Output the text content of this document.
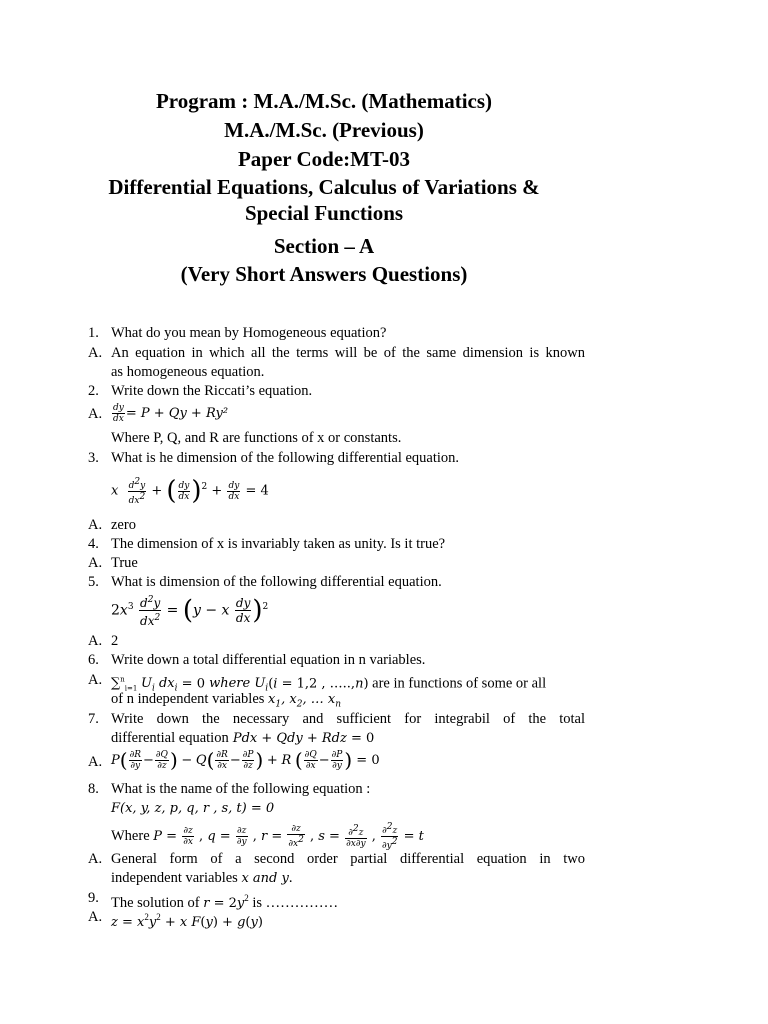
Program : M.A./M.Sc. (Mathematics)
M.A./M.Sc. (Previous)
Paper Code:MT-03
Differential Equations, Calculus of Variations &
Special Functions
Section – A
(Very Short Answers Questions)
1. What do you mean by Homogeneous equation?
A. An equation in which all the terms will be of the same dimension is known
as homogeneous equation.
2. Write down the Riccati’s equation.
A.	$\frac{dy}{dx} = P + Qy + Ry^2$
Where P, Q, and R are functions of x or constants.
3. What is he dimension of the following differential equation.
x $\frac{d^2y}{dx^2}$ + ( $\frac{dy}{dx} )^2 + \frac{dy}{dx} = 4$
A. zero
4. The dimension of x is invariably taken as unity. Is it true?
A. True
5. What is dimension of the following differential equation.
$2x^3 \frac{d^2y}{dx^2} = (y - x \frac{dy}{dx} )^2$
A. 2
6. Write down a total differential equation in n variables.
A. ∑$^n_{i=1}$ $U_i$ $dx_i = 0$ where $U_i(i = 1,2$ , …..,n) are in functions of some or all
of n independent variables $x_1$, $x_2$, … $x_n$
7. Write down the necessary and sufficient for integrabil of the total
differential equation Pdx + Qdy + Rdz = 0
A. $P( \frac{\partial R}{\partial y} - \frac{\partial Q}{\partial z}$ ) − $Q( \frac{\partial R}{\partial x} - \frac{\partial P}{\partial z}$ ) + R ( $\frac{\partial Q}{\partial x} - \frac{\partial P}{\partial y}$ ) = 0
8. What is the name of the following equation :
F(x, y, z, p, q, r , s, t) = 0
Where $P = \frac{\partial z}{\partial x}$ , $q = \frac{\partial z}{\partial y}$ , $r = \frac{\partial z}{\partial x^2}$ , $s = \frac{\partial^2z}{\partial x\partial y}$ , $\frac{\partial^2z}{\partial y^2} = t$
A. General form of a second order partial differential equation in two
independent variables x and y.
9. The solution of $r = 2y^2$ is ……………
A. $z = x^2y^2 + x$ F(y) + g(y)
